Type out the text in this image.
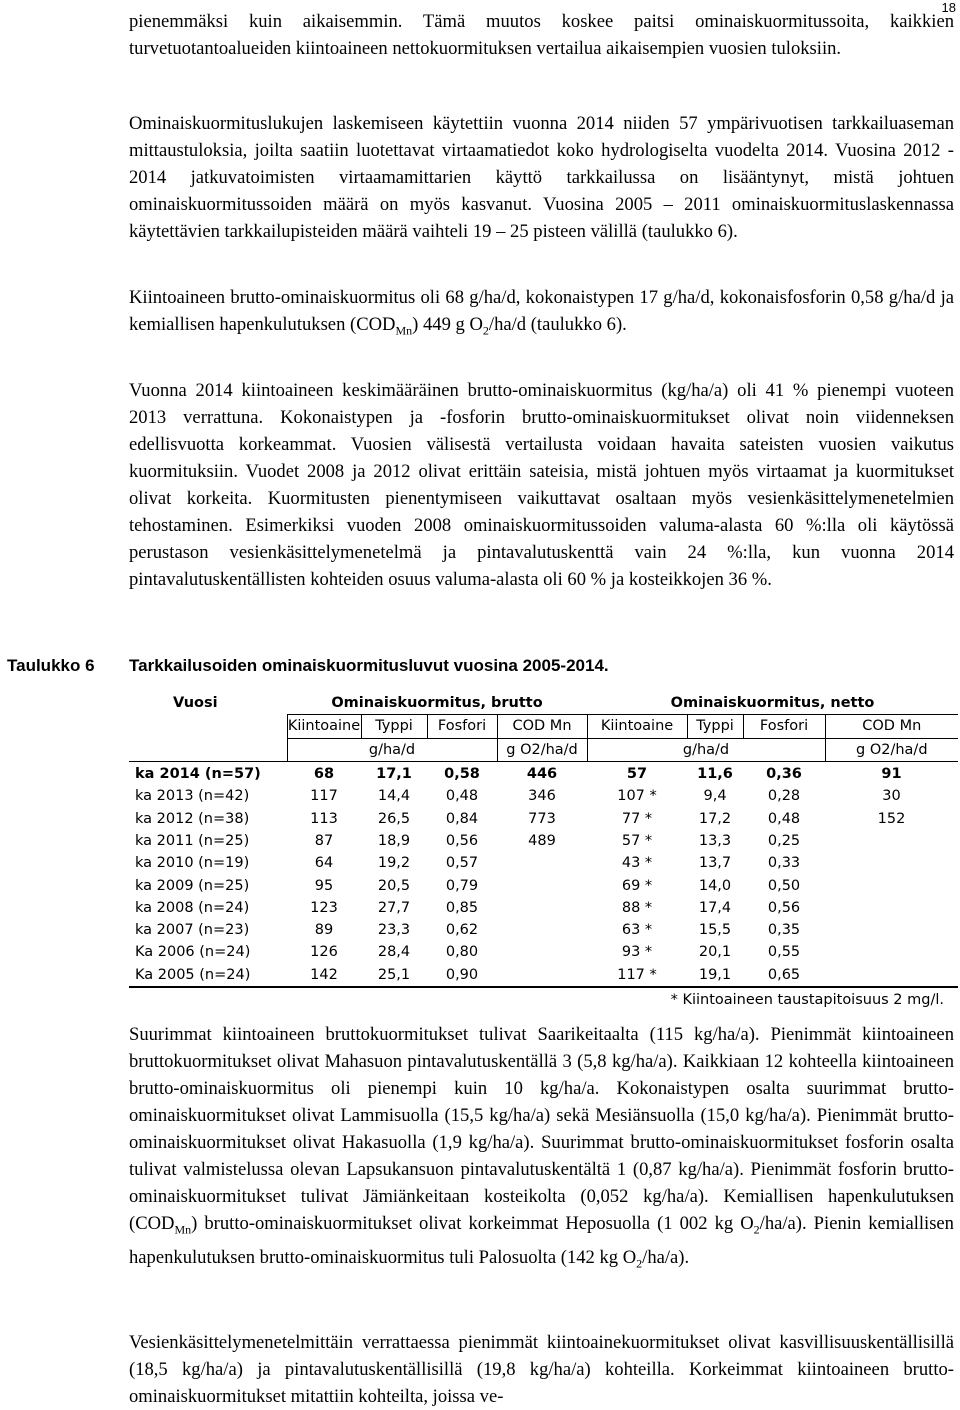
18

pienemmäksi kuin aikaisemmin. Tämä muutos koskee paitsi ominaiskuormitussoita, kaikkien turvetuotantoalueiden kiintoaineen nettokuormituksen vertailua aikaisempien vuosien tuloksiin.

Ominaiskuormituslukujen laskemiseen käytettiin vuonna 2014 niiden 57 ympärivuotisen tarkkailuaseman mittaustuloksia, joilta saatiin luotettavat virtaamatiedot koko hydrologiselta vuodelta 2014. Vuosina 2012 - 2014 jatkuvatoimisten virtaamamittarien käyttö tarkkailussa on lisääntynyt, mistä johtuen ominaiskuormitussoiden määrä on myös kasvanut. Vuosina 2005 – 2011 ominaiskuormituslaskennassa käytettävien tarkkailupisteiden määrä vaihteli 19 – 25 pisteen välillä (taulukko 6).

Kiintoaineen brutto-ominaiskuormitus oli 68 g/ha/d, kokonaistypen 17 g/ha/d, kokonaisfosforin 0,58 g/ha/d ja kemiallisen hapenkulutuksen $(COD_{Mn})$ 449 g $O_2/ha/d$ (taulukko 6).

Vuonna 2014 kiintoaineen keskimääräinen brutto-ominaiskuormitus (kg/ha/a) oli 41 % pienempi vuoteen 2013 verrattuna. Kokonaistypen ja -fosforin brutto-ominaiskuormitukset olivat noin viidenneksen edellisvuotta korkeammat. Vuosien välisestä vertailusta voidaan havaita sateisten vuosien vaikutus kuormituksiin. Vuodet 2008 ja 2012 olivat erittäin sateisia, mistä johtuen myös virtaamat ja kuormitukset olivat korkeita. Kuormitusten pienentymiseen vaikuttavat osaltaan myös vesienkäsittelymenetelmien tehostaminen. Esimerkiksi vuoden 2008 ominaiskuormitussoiden valuma-alasta 60 %:lla oli käytössä perustason vesienkäsittelymenetelmä ja pintavalutuskenttä vain 24 %:lla, kun vuonna 2014 pintavalutuskentällisten kohteiden osuus valuma-alasta oli 60 % ja kosteikkojen 36 %.

Taulukko 6 Tarkkailusoiden ominaiskuormitusluvut vuosina 2005-2014.
Vuosi	Ominaiskuormitus, brutto				Ominaiskuormitus, netto			
	Kiintoaine	Typpi	Fosfori	COD Mn	Kiintoaine	Typpi	Fosfori	COD Mn
	g/ha/d			g O2/ha/d	g/ha/d			g O2/ha/d
ka 2014 (n=57)	68	17,1	0,58	446	57	11,6	0,36	91
ka 2013 (n=42)	117	14,4	0,48	346	107 *	9,4	0,28	30
ka 2012 (n=38)	113	26,5	0,84	773	77 *	17,2	0,48	152
ka 2011 (n=25)	87	18,9	0,56	489	57 *	13,3	0,25	
ka 2010 (n=19)	64	19,2	0,57		43 *	13,7	0,33	
ka 2009 (n=25)	95	20,5	0,79		69 *	14,0	0,50	
ka 2008 (n=24)	123	27,7	0,85		88 *	17,4	0,56	
ka 2007 (n=23)	89	23,3	0,62		63 *	15,5	0,35	
Ka 2006 (n=24)	126	28,4	0,80		93 *	20,1	0,55	
Ka 2005 (n=24)	142	25,1	0,90		117 *	19,1	0,65	
* Kiintoaineen taustapitoisuus 2 mg/l.

Suurimmat kiintoaineen bruttokuormitukset tulivat Saarikeitaalta (115 kg/ha/a). Pienimmät kiintoaineen bruttokuormitukset olivat Mahasuon pintavalutuskentällä 3 (5,8 kg/ha/a). Kaikkiaan 12 kohteella kiintoaineen brutto-ominaiskuormitus oli pienempi kuin 10 kg/ha/a. Kokonaistypen osalta suurimmat brutto-ominaiskuormitukset olivat Lammisuolla (15,5 kg/ha/a) sekä Mesiänsuolla (15,0 kg/ha/a). Pienimmät brutto-ominaiskuormitukset olivat Hakasuolla (1,9 kg/ha/a). Suurimmat brutto-ominaiskuormitukset fosforin osalta tulivat valmistelussa olevan Lapsukansuon pintavalutuskentältä 1 (0,87 kg/ha/a). Pienimmät fosforin brutto-ominaiskuormitukset tulivat Jämiänkeitaan kosteikolta (0,052 kg/ha/a). Kemiallisen hapenkulutuksen $(COD_{Mn})$ brutto-ominaiskuormitukset olivat korkeimmat Heposuolla (1 002 kg $O_2/ha/a$). Pienin kemiallisen hapenkulutuksen brutto-ominaiskuormitus tuli Palosuolta (142 kg $O_2/ha/a$).

Vesienkäsittelymenetelmittäin verrattaessa pienimmät kiintoainekuormitukset olivat kasvillisuuskentällisillä (18,5 kg/ha/a) ja pintavalutuskentällisillä (19,8 kg/ha/a) kohteilla. Korkeimmat kiintoaineen brutto-ominaiskuormitukset mitattiin kohteilta, joissa ve-
